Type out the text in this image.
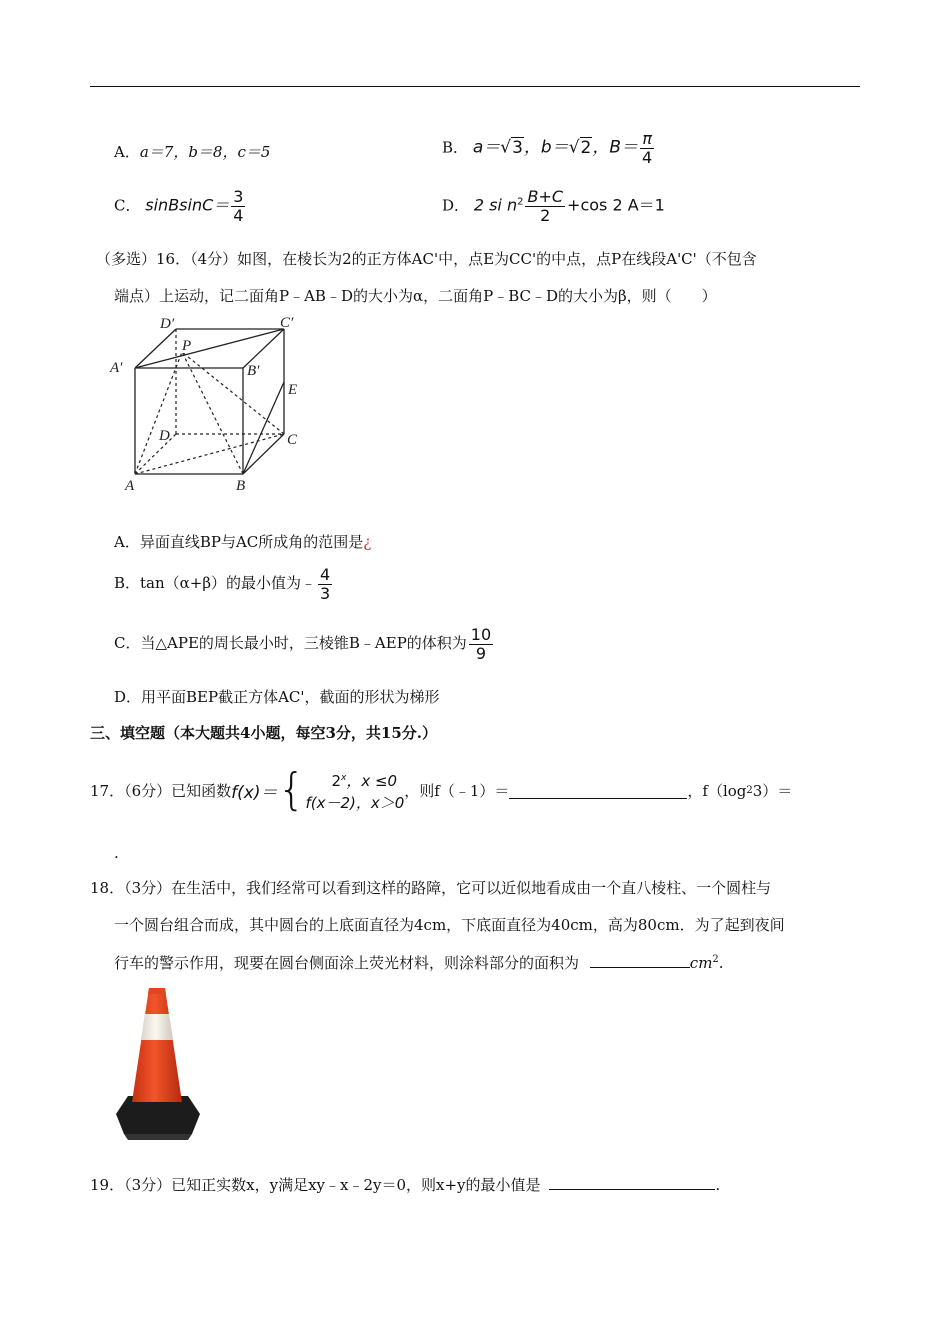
A．a＝7，b＝8，c＝5	B． a＝√3，b＝√2，$B= \frac{\pi}{4}$
C． sinBsinC＝ $\frac{3}{4}$	D． 2 si $n^2 \frac{B+C}{2} +\cos$ 2 A＝1
（多选）16．（4分）如图，在棱长为2的正方体AC'中，点E为CC'的中点，点P在线段A'C'（不包含
端点）上运动，记二面角P﹣AB﹣D的大小为α，二面角P﹣BC﹣D的大小为β，则（　　）
D′	C′
A′
P
B′
E
D	C
A	B
A．异面直线BP与AC所成角的范围是¿
B．tan（α+β）的最小值为﹣ $\frac{4}{3}$
C．当△APE的周长最小时，三棱锥B﹣AEP的体积为 $\frac{10}{9}$
D．用平面BEP截正方体AC'，截面的形状为梯形
三、填空题（本大题共4小题，每空3分，共15分.）
17．（6分）已知函数 f(x)＝ {	2$^x$，x ≤0
f(x－2)，x＞0
，则f（﹣1）＝	，f（log 2 3）＝
.
18．（3分）在生活中，我们经常可以看到这样的路障，它可以近似地看成由一个直八棱柱、一个圆柱与
一个圆台组合而成，其中圆台的上底面直径为4cm，下底面直径为40cm，高为80cm．为了起到夜间
行车的警示作用，现要在圆台侧面涂上荧光材料，则涂料部分的面积为	$cm^2$.
19．（3分）已知正实数x，y满足xy﹣x﹣2y＝0，则x+y的最小值是	.
